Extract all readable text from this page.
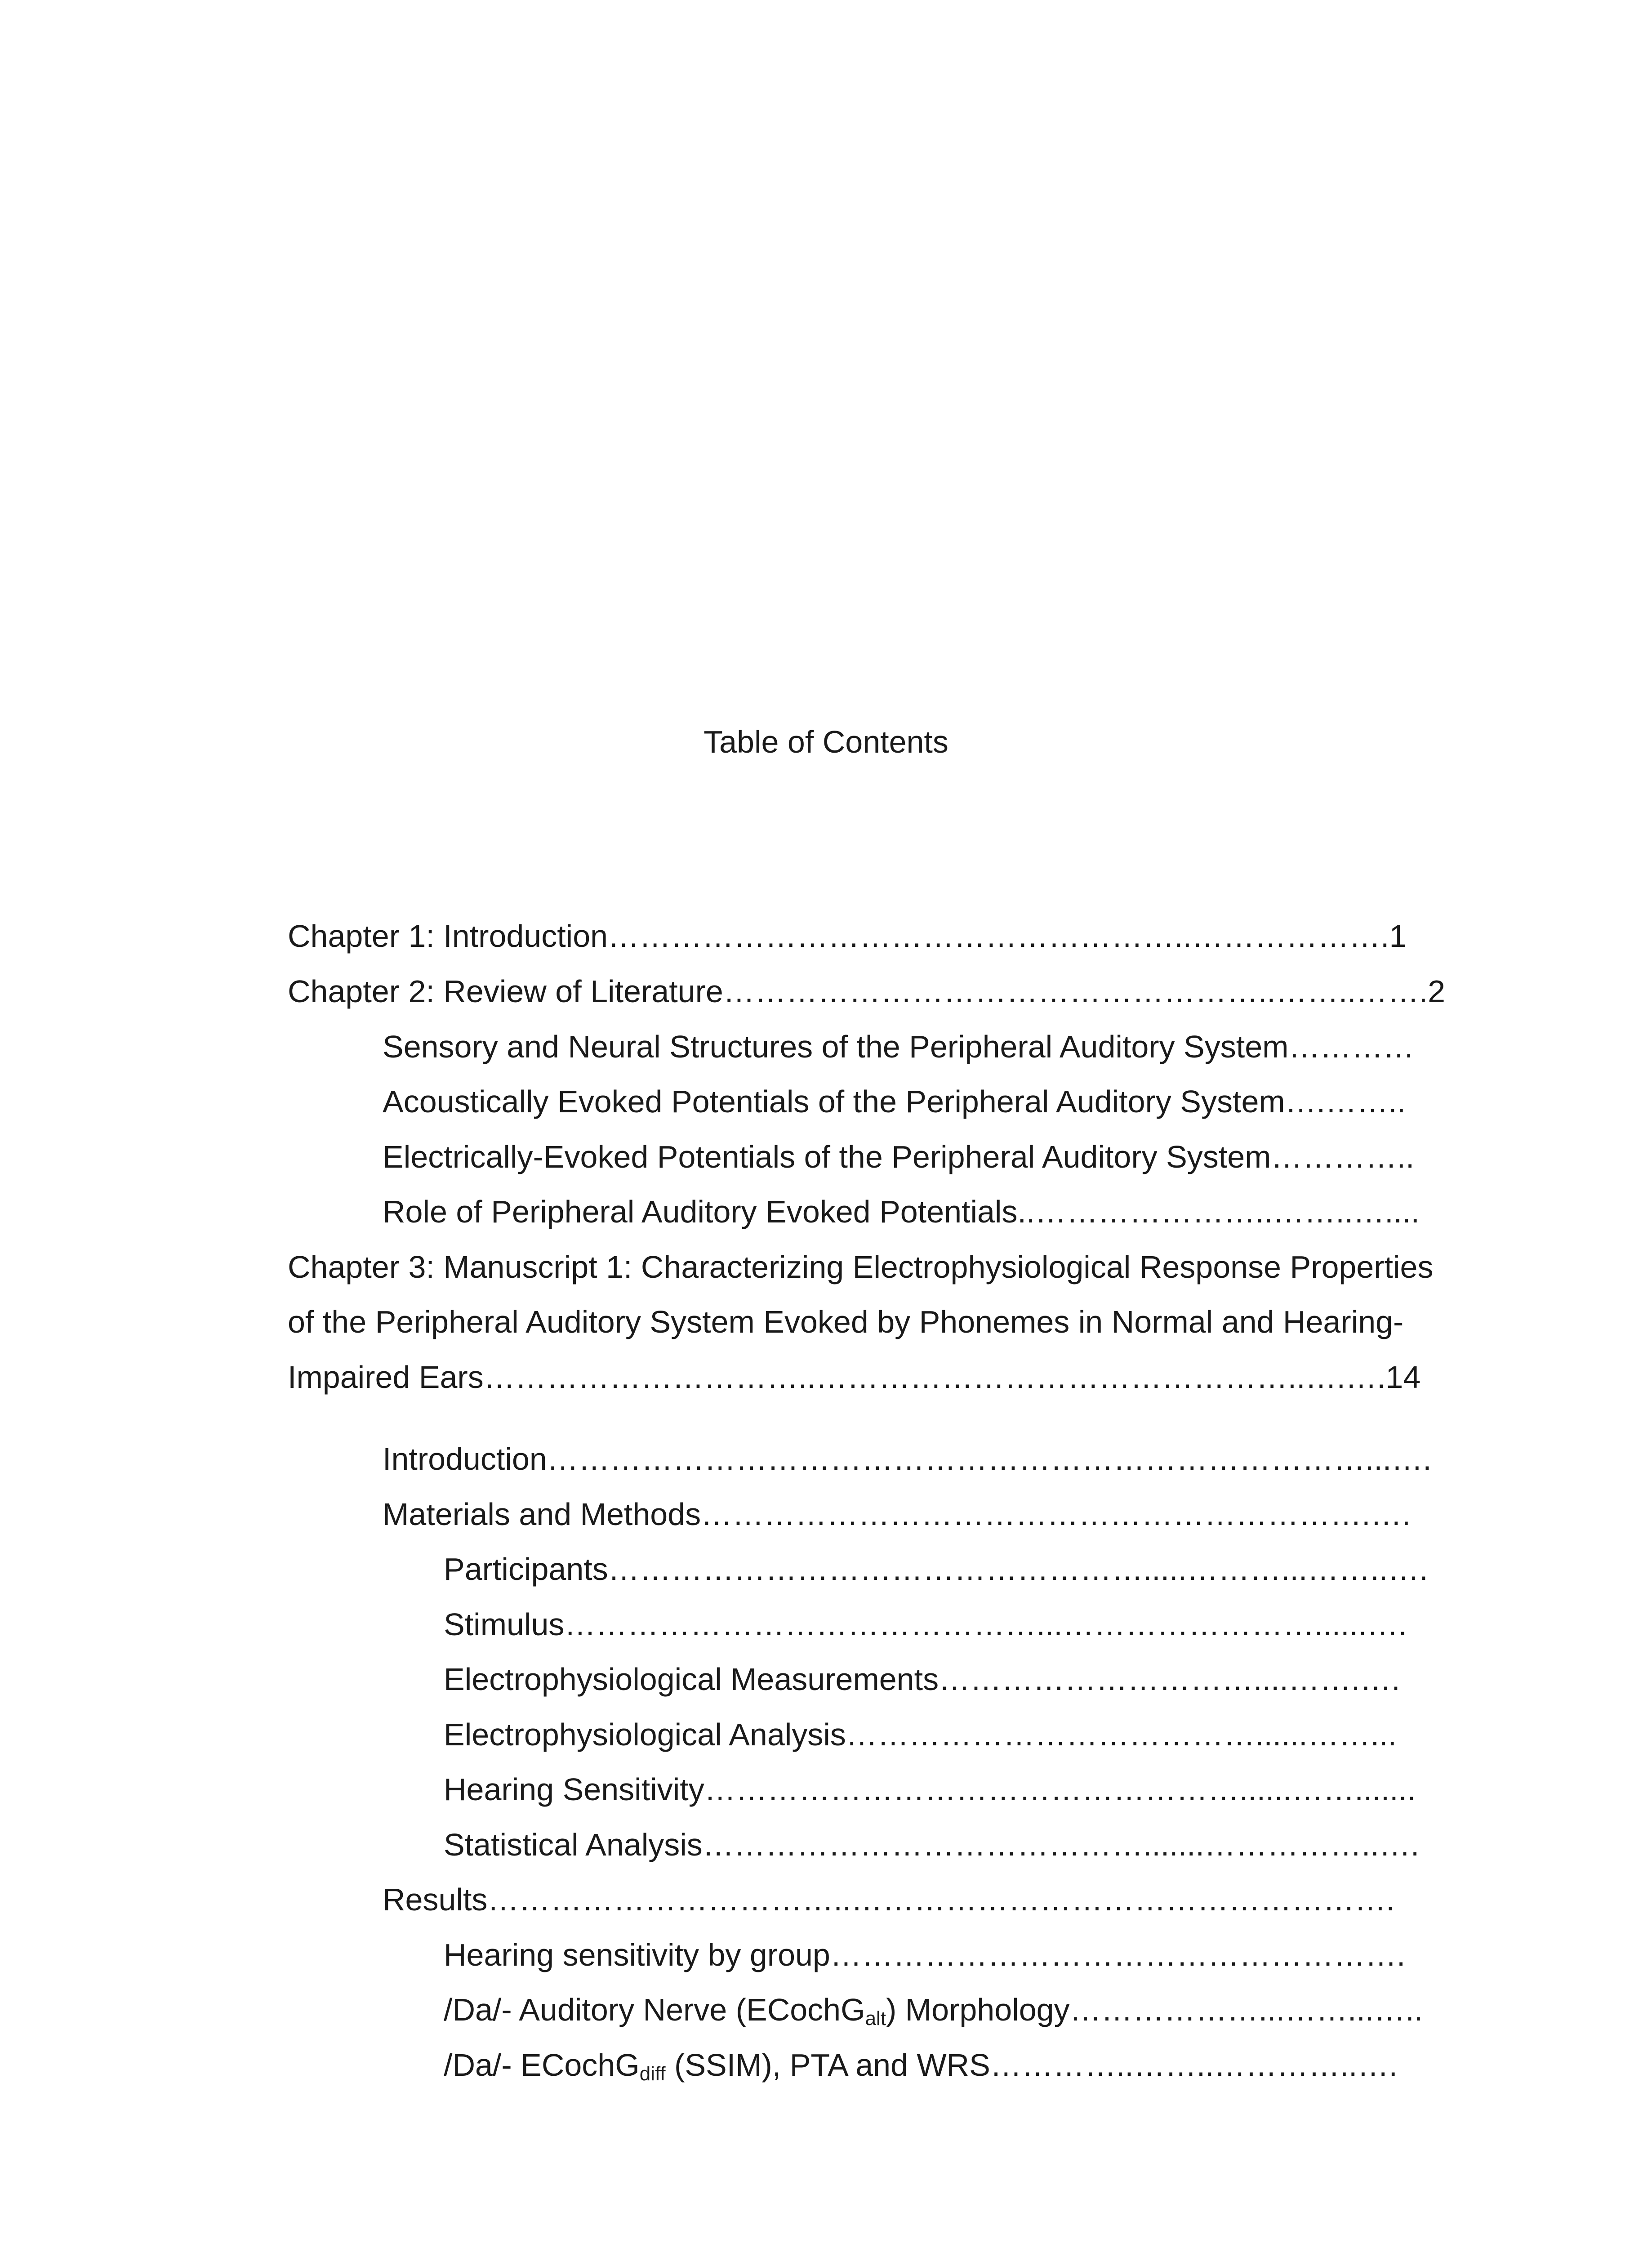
Table of Contents
Chapter 1: Introduction………………………………………………..……………….1
Chapter 2: Review of Literature……………………………………………..……..…….2
Sensory and Neural Structures of the Peripheral Auditory System…………
Acoustically Evoked Potentials of the Peripheral Auditory System….……..
Electrically-Evoked Potentials of the Peripheral Auditory System…………..
Role of Peripheral Auditory Evoked Potentials..…………………..……..…....
Chapter 3: Manuscript 1: Characterizing Electrophysiological Response Properties
of the Peripheral Auditory System Evoked by Phonemes in Normal and Hearing-
Impaired Ears…………………………..………………………………………..….….14
Introduction……………………………………………………………………...….
Materials and Methods……………………………………………………….….
Participants…………………………………………….....………...……..….
Stimulus………………………………………...……………………......….
Electrophysiological Measurements…………………………....…….….
Electrophysiological Analysis…………………………………......……...
Hearing Sensitivity……………………………………………......…….......
Statistical Analysis…………………………………….......……………..….
Results……………………………..…………………………………………….
Hearing sensitivity by group……………………………………………….
/Da/- Auditory Nerve (ECochG$_{alt}$) Morphology………………...……...…..
/Da/- ECochG$_{diff}$ (SSIM), PTA and WRS…………..……..…………..….
